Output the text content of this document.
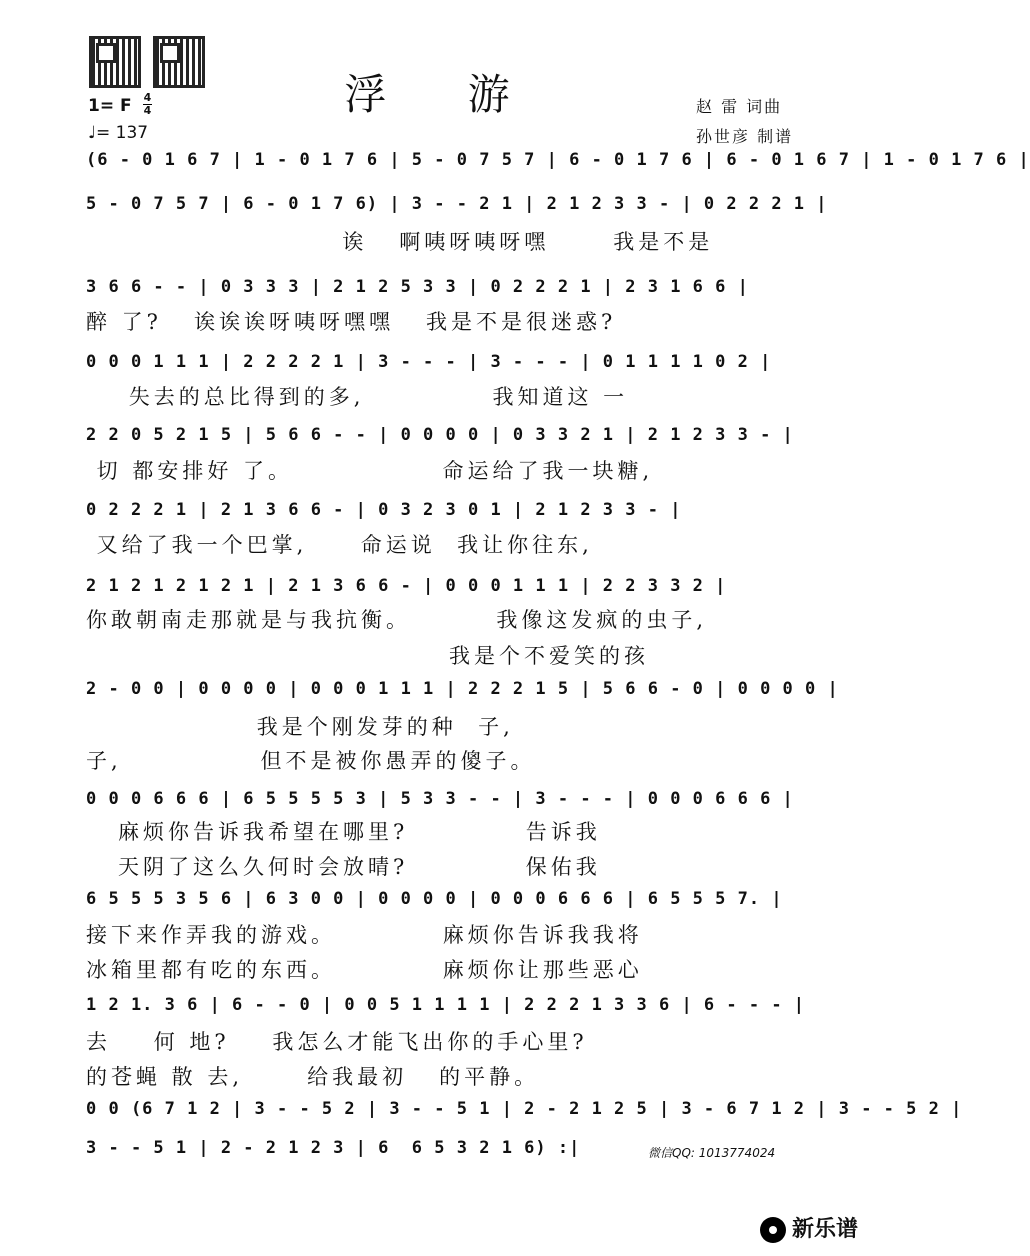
浮 游
1= F 4
4
♩= 137
赵 雷 词曲
孙世彦 制谱
(6 - 0 1 6 7 | 1 - 0 1 7 6 | 5 - 0 7 5 7 | 6 - 0 1 7 6 | 6 - 0 1 6 7 | 1 - 0 1 7 6 |
5 - 0 7 5 7 | 6 - 0 1 7 6) | 3 - - 2 1 | 2 1 2 3 3 - | 0 2 2 2 1 |
诶   啊咦呀咦呀嘿      我是不是
3 6 6 - - | 0 3 3 3 | 2 1 2 5 3 3 | 0 2 2 2 1 | 2 3 1 6 6 |
醉 了?   诶诶诶呀咦呀嘿嘿   我是不是很迷惑?
0 0 0 1 1 1 | 2 2 2 2 1 | 3 - - - | 3 - - - | 0 1 1 1 1 0 2 |
失去的总比得到的多,            我知道这 一
2 2 0 5 2 1 5 | 5 6 6 - - | 0 0 0 0 | 0 3 3 2 1 | 2 1 2 3 3 - |
切 都安排好 了。              命运给了我一块糖,
0 2 2 2 1 | 2 1 3 6 6 - | 0 3 2 3 0 1 | 2 1 2 3 3 - |
又给了我一个巴掌,     命运说  我让你往东,
2 1 2 1 2 1 2 1 | 2 1 3 6 6 - | 0 0 0 1 1 1 | 2 2 3 3 2 |
你敢朝南走那就是与我抗衡。        我像这发疯的虫子,
我是个不爱笑的孩
2 - 0 0 | 0 0 0 0 | 0 0 0 1 1 1 | 2 2 2 1 5 | 5 6 6 - 0 | 0 0 0 0 |
我是个刚发芽的种  子,
子,             但不是被你愚弄的傻子。
0 0 0 6 6 6 | 6 5 5 5 5 3 | 5 3 3 - - | 3 - - - | 0 0 0 6 6 6 |
麻烦你告诉我希望在哪里?           告诉我
天阴了这么久何时会放晴?           保佑我
6 5 5 5 3 5 6 | 6 3 0 0 | 0 0 0 0 | 0 0 0 6 6 6 | 6 5 5 5 7. |
接下来作弄我的游戏。          麻烦你告诉我我将
冰箱里都有吃的东西。          麻烦你让那些恶心
1 2 1. 3 6 | 6 - - 0 | 0 0 5 1 1 1 1 | 2 2 2 1 3 3 6 | 6 - - - |
去    何 地?    我怎么才能飞出你的手心里?
的苍蝇 散 去,      给我最初   的平静。
0 0 (6 7 1 2 | 3 - - 5 2 | 3 - - 5 1 | 2 - 2 1 2 5 | 3 - 6 7 1 2 | 3 - - 5 2 |
3 - - 5 1 | 2 - 2 1 2 3 | 6  6 5 3 2 1 6) :|	微信QQ: 1013774024
新乐谱
